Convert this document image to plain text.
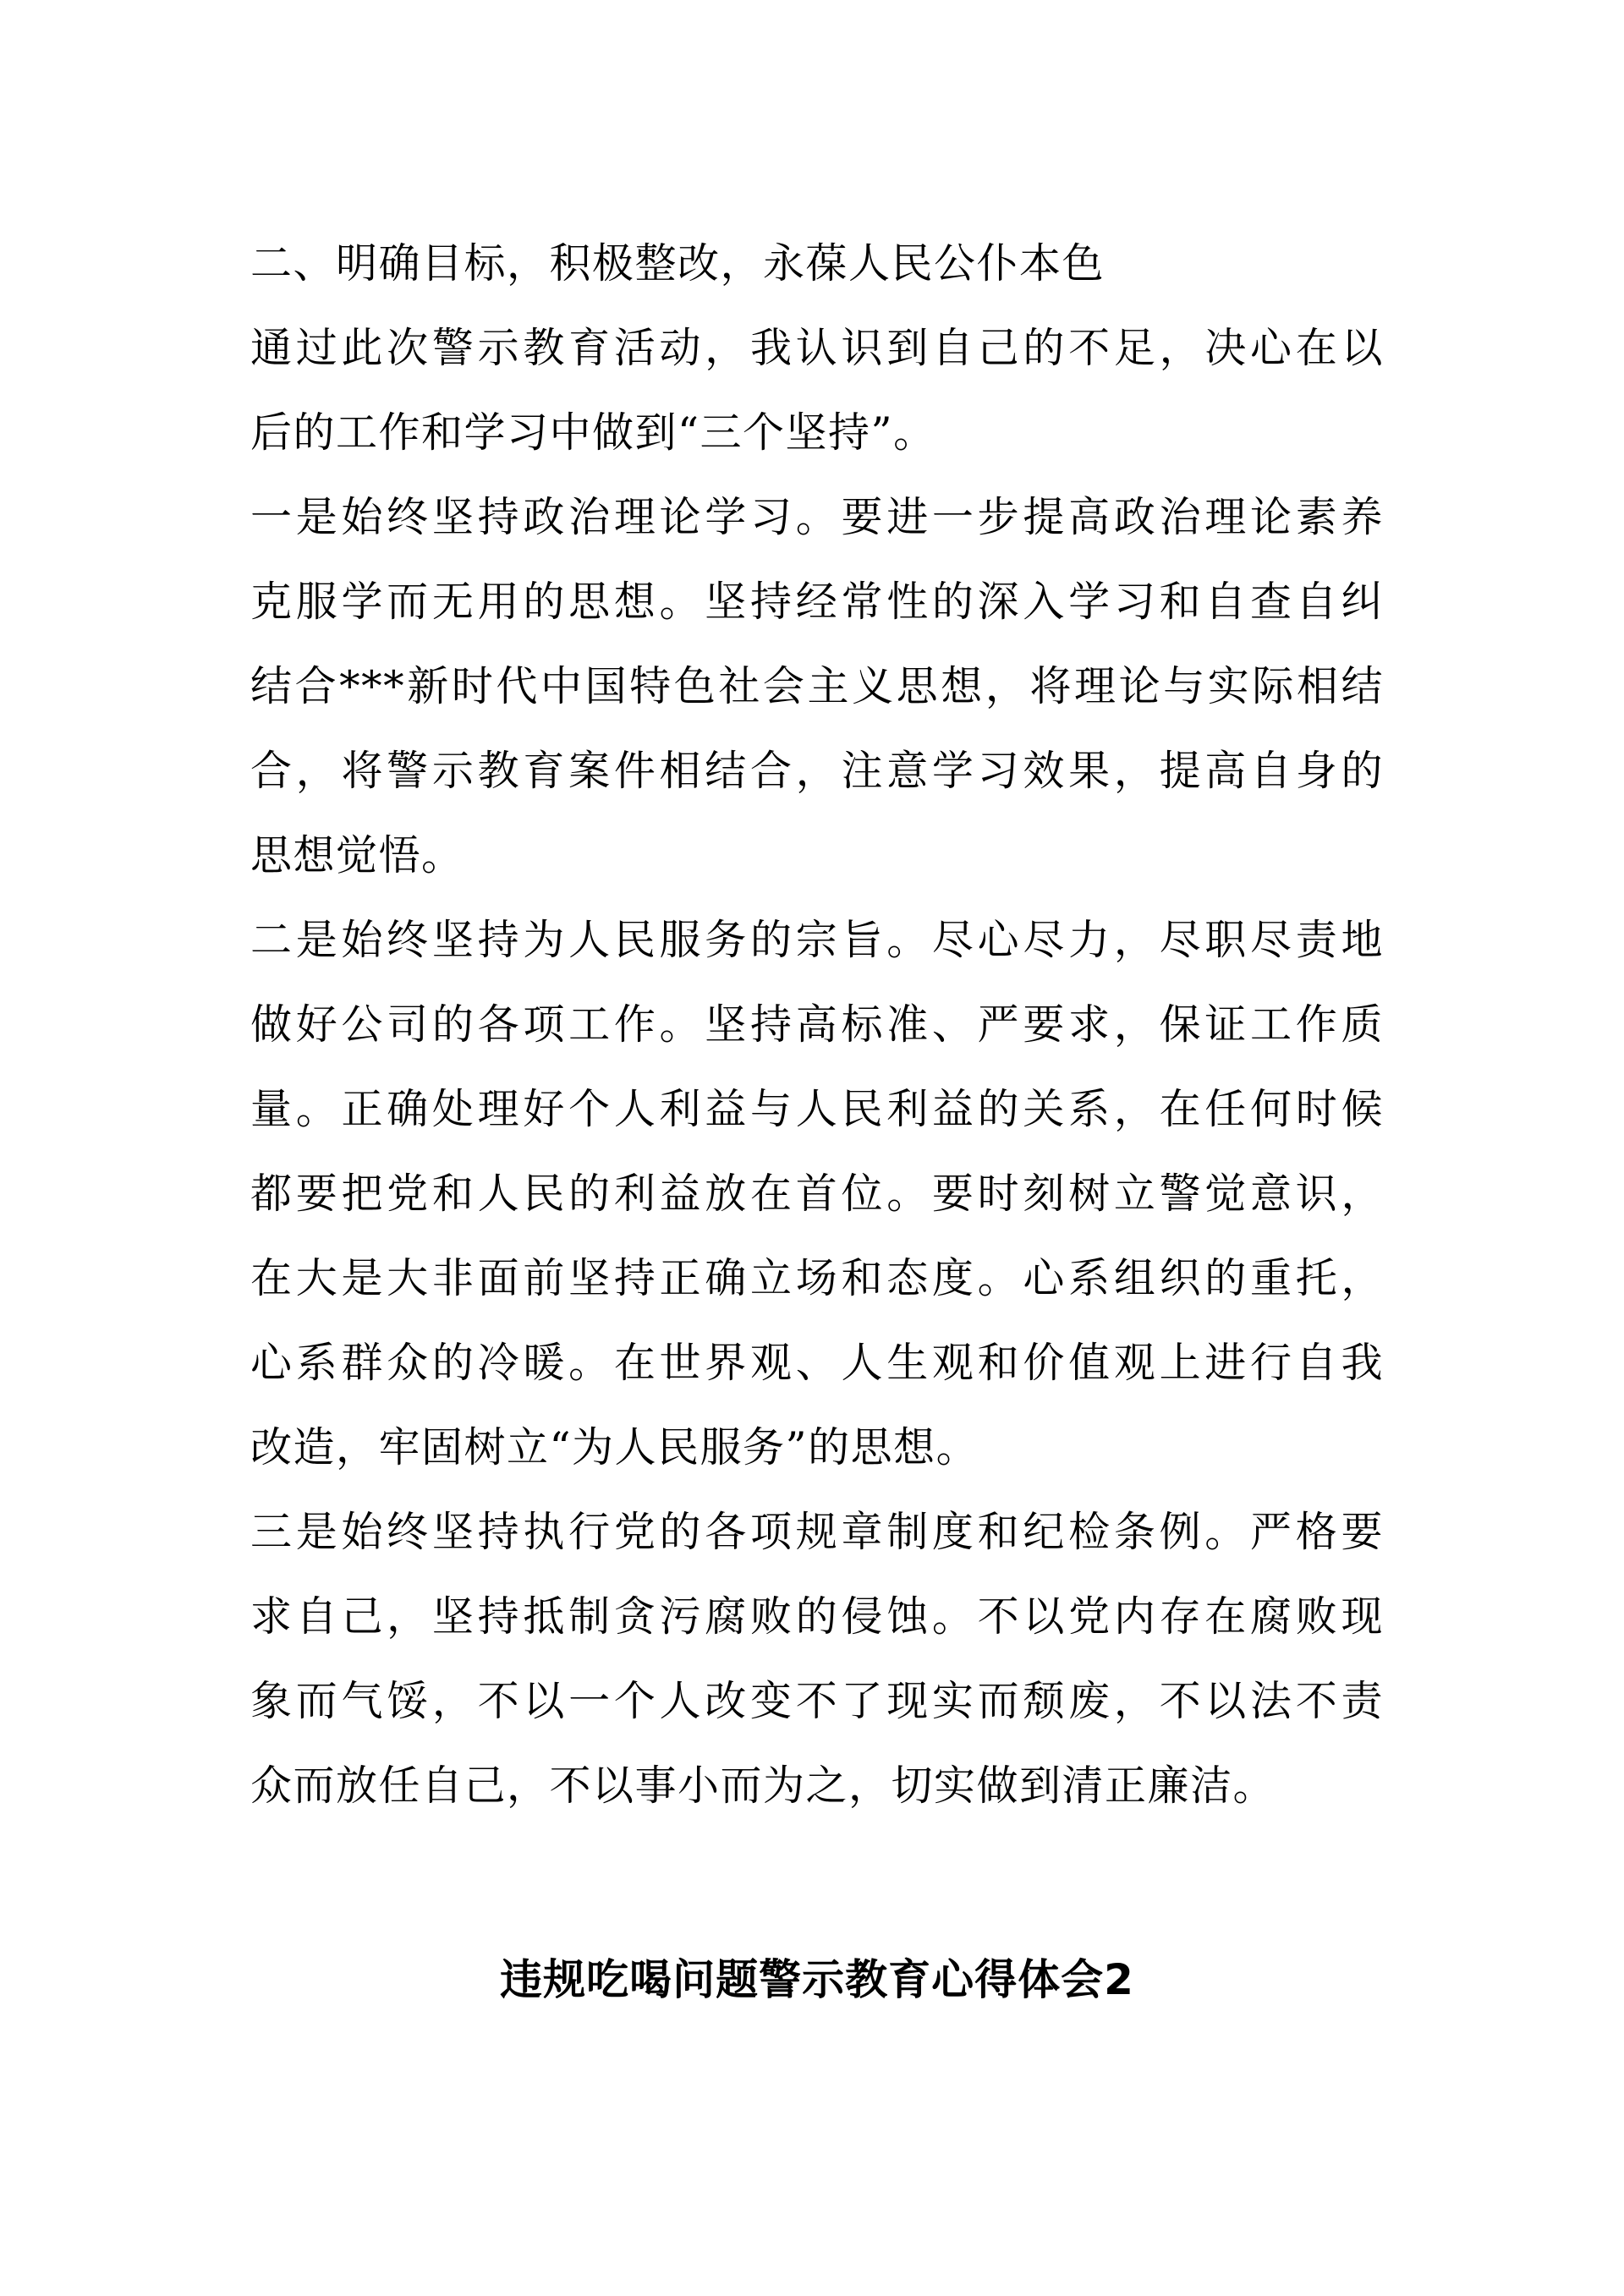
二、明确目标，积极整改，永葆人民公仆本色
通过此次警示教育活动，我认识到自己的不足，决心在以
后的工作和学习中做到“三个坚持”。
一是始终坚持政治理论学习。要进一步提高政治理论素养
克服学而无用的思想。坚持经常性的深入学习和自查自纠
结合***新时代中国特色社会主义思想，将理论与实际相结
合，将警示教育案件相结合，注意学习效果，提高自身的
思想觉悟。
二是始终坚持为人民服务的宗旨。尽心尽力，尽职尽责地
做好公司的各项工作。坚持高标准、严要求，保证工作质
量。正确处理好个人利益与人民利益的关系，在任何时候
都要把党和人民的利益放在首位。要时刻树立警觉意识，
在大是大非面前坚持正确立场和态度。心系组织的重托，
心系群众的冷暖。在世界观、人生观和价值观上进行自我
改造，牢固树立“为人民服务”的思想。
三是始终坚持执行党的各项规章制度和纪检条例。严格要
求自己，坚持抵制贪污腐败的侵蚀。不以党内存在腐败现
象而气馁，不以一个人改变不了现实而颓废，不以法不责
众而放任自己，不以事小而为之，切实做到清正廉洁。
违规吃喝问题警示教育心得体会2
